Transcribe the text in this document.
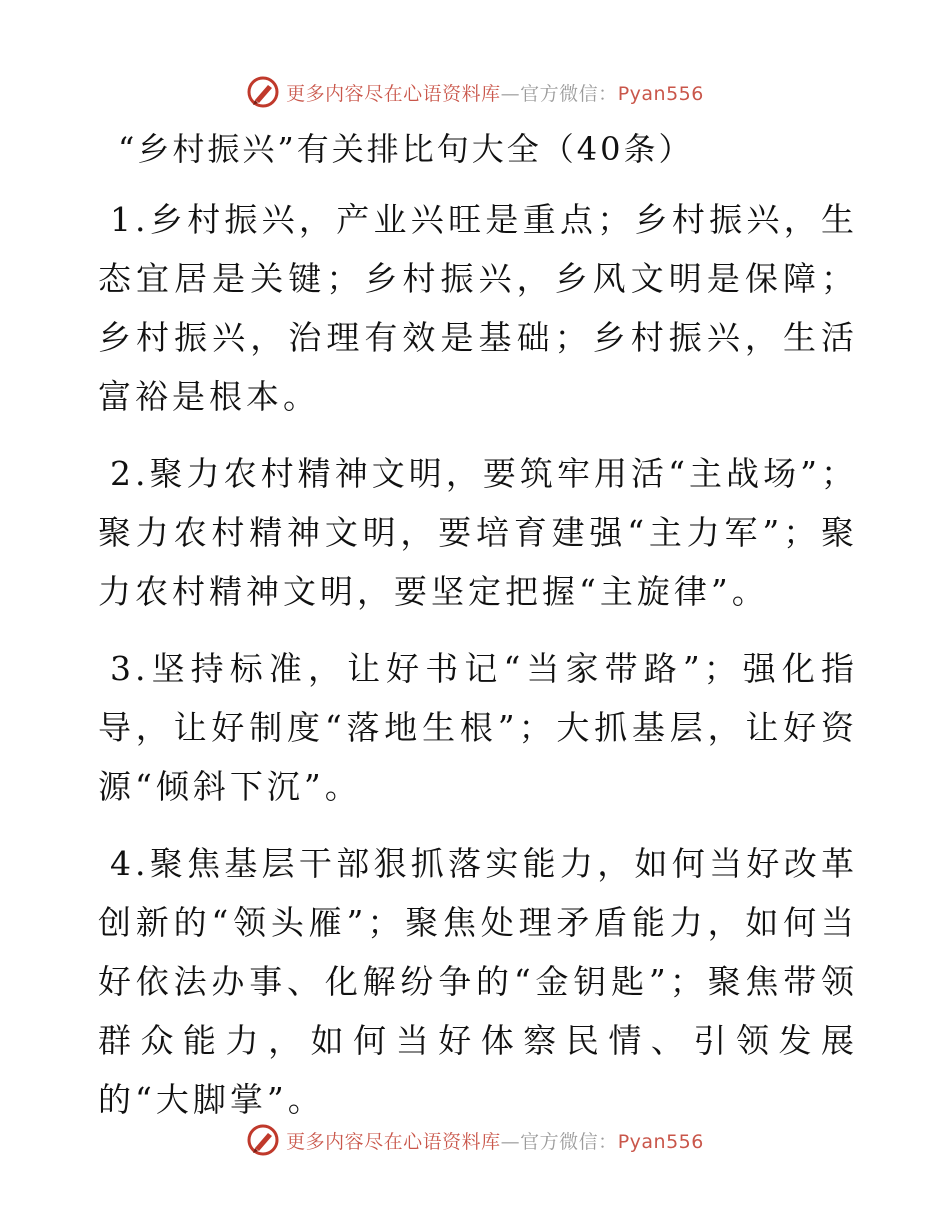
更多内容尽在心语资料库—官方微信：Pyan556
“乡村振兴”有关排比句大全（40条）

1.乡村振兴，产业兴旺是重点；乡村振兴，生态宜居是关键；乡村振兴，乡风文明是保障；乡村振兴，治理有效是基础；乡村振兴，生活富裕是根本。

2.聚力农村精神文明，要筑牢用活“主战场”；聚力农村精神文明，要培育建强“主力军”；聚力农村精神文明，要坚定把握“主旋律”。

3.坚持标准，让好书记“当家带路”；强化指导，让好制度“落地生根”；大抓基层，让好资源“倾斜下沉”。

4.聚焦基层干部狠抓落实能力，如何当好改革创新的“领头雁”；聚焦处理矛盾能力，如何当好依法办事、化解纷争的“金钥匙”；聚焦带领群众能力，如何当好体察民情、引领发展的“大脚掌”。

更多内容尽在心语资料库—官方微信：Pyan556
